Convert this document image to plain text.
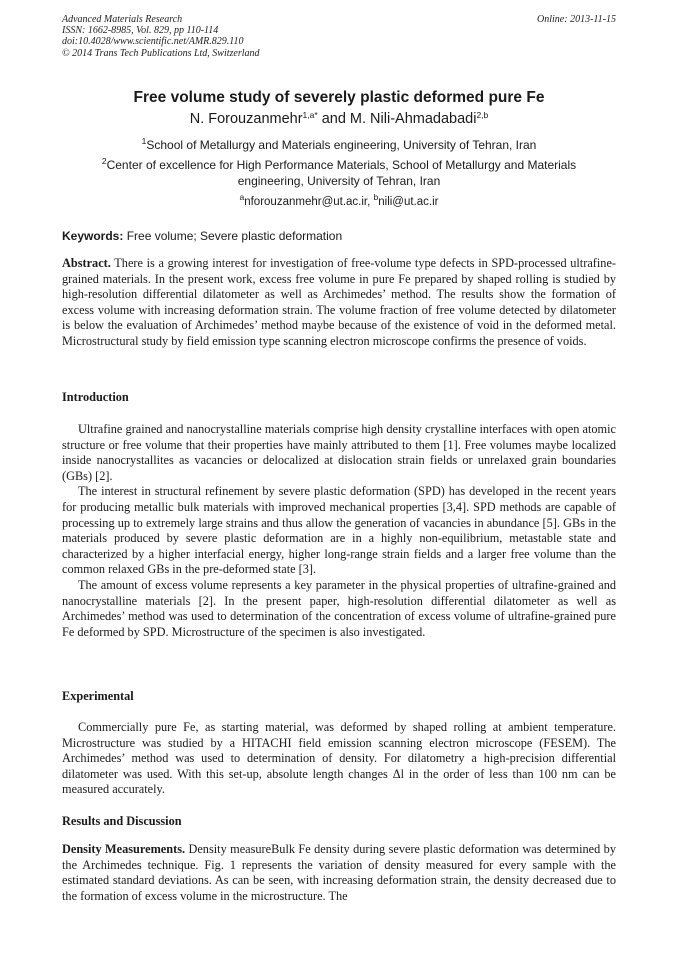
Advanced Materials Research
ISSN: 1662-8985, Vol. 829, pp 110-114
doi:10.4028/www.scientific.net/AMR.829.110
© 2014 Trans Tech Publications Ltd, Switzerland
Online: 2013-11-15
Free volume study of severely plastic deformed pure Fe
N. Forouzanmehr$^{1,a*}$ and M. Nili-Ahmadabadi$^{2,b}$
$^1$School of Metallurgy and Materials engineering, University of Tehran, Iran
$^2$Center of excellence for High Performance Materials, School of Metallurgy and Materials engineering, University of Tehran, Iran
$^a$nforouzanmehr@ut.ac.ir, $^b$nili@ut.ac.ir
Keywords: Free volume; Severe plastic deformation

Abstract. There is a growing interest for investigation of free-volume type defects in SPD-processed ultrafine-grained materials. In the present work, excess free volume in pure Fe prepared by shaped rolling is studied by high-resolution differential dilatometer as well as Archimedes’ method. The results show the formation of excess volume with increasing deformation strain. The volume fraction of free volume detected by dilatometer is below the evaluation of Archimedes’ method maybe because of the existence of void in the deformed metal. Microstructural study by field emission type scanning electron microscope confirms the presence of voids.

Introduction

Ultrafine grained and nanocrystalline materials comprise high density crystalline interfaces with open atomic structure or free volume that their properties have mainly attributed to them [1]. Free volumes maybe localized inside nanocrystallites as vacancies or delocalized at dislocation strain fields or unrelaxed grain boundaries (GBs) [2].

The interest in structural refinement by severe plastic deformation (SPD) has developed in the recent years for producing metallic bulk materials with improved mechanical properties [3,4]. SPD methods are capable of processing up to extremely large strains and thus allow the generation of vacancies in abundance [5]. GBs in the materials produced by severe plastic deformation are in a highly non-equilibrium, metastable state and characterized by a higher interfacial energy, higher long-range strain fields and a larger free volume than the common relaxed GBs in the pre-deformed state [3].

The amount of excess volume represents a key parameter in the physical properties of ultrafine-grained and nanocrystalline materials [2]. In the present paper, high-resolution differential dilatometer as well as Archimedes’ method was used to determination of the concentration of excess volume of ultrafine-grained pure Fe deformed by SPD. Microstructure of the specimen is also investigated.

Experimental

Commercially pure Fe, as starting material, was deformed by shaped rolling at ambient temperature. Microstructure was studied by a HITACHI field emission scanning electron microscope (FESEM). The Archimedes’ method was used to determination of density. For dilatometry a high-precision differential dilatometer was used. With this set-up, absolute length changes Δl in the order of less than 100 nm can be measured accurately.

Results and Discussion

Density Measurements. Density measureBulk Fe density during severe plastic deformation was determined by the Archimedes technique. Fig. 1 represents the variation of density measured for every sample with the estimated standard deviations. As can be seen, with increasing deformation strain, the density decreased due to the formation of excess volume in the microstructure. The
